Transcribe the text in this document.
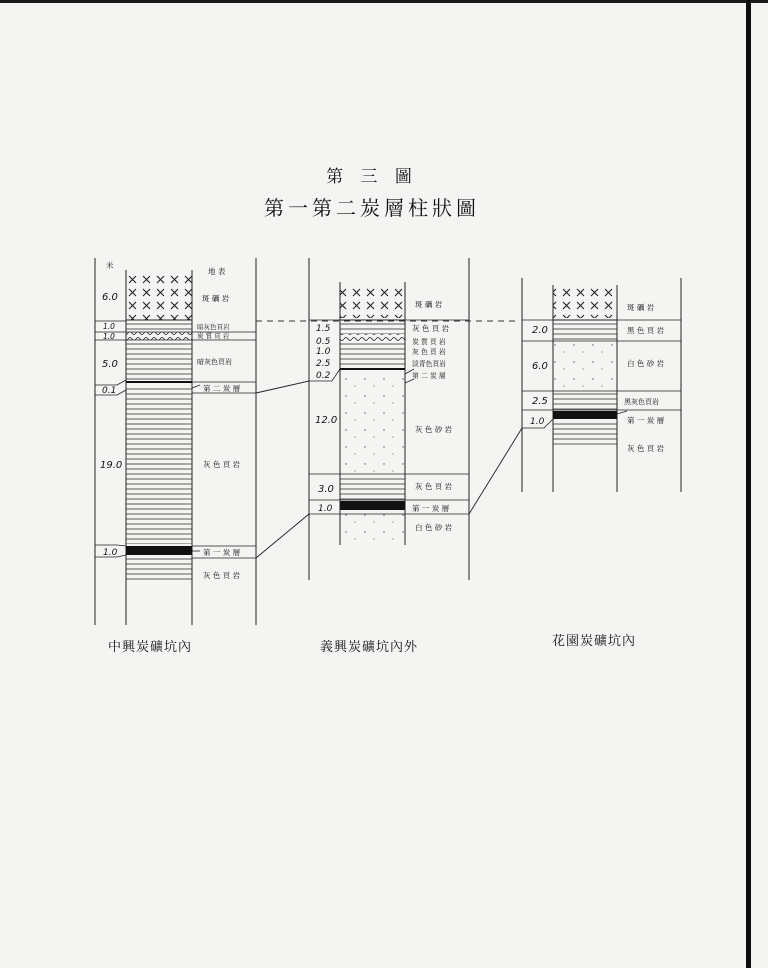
第 三 圖
第一第二炭層柱狀圖
米
6.0
1.0
1.0
5.0
0.1
19.0
1.0
地 表
斑 礪 岩
暗灰色頁岩
炭 質 頁 岩
暗灰色頁岩
第 二 炭 層
灰 色 頁 岩
第 一 炭 層
灰 色 頁 岩
1.5
0.5
1.0
2.5
0.2
12.0
3.0
1.0
斑 礪 岩
灰 色 頁 岩
炭 質 頁 岩
灰 色 頁 岩
淡青色頁岩
第 二 炭 層
灰 色 砂 岩
灰 色 頁 岩
第 一 炭 層
白 色 砂 岩
2.0
6.0
2.5
1.0
斑 礪 岩
黑 色 頁 岩
白 色 砂 岩
黑灰色頁岩
第 一 炭 層
灰 色 頁 岩
中興炭礦坑內	義興炭礦坑內外	花園炭礦坑內
